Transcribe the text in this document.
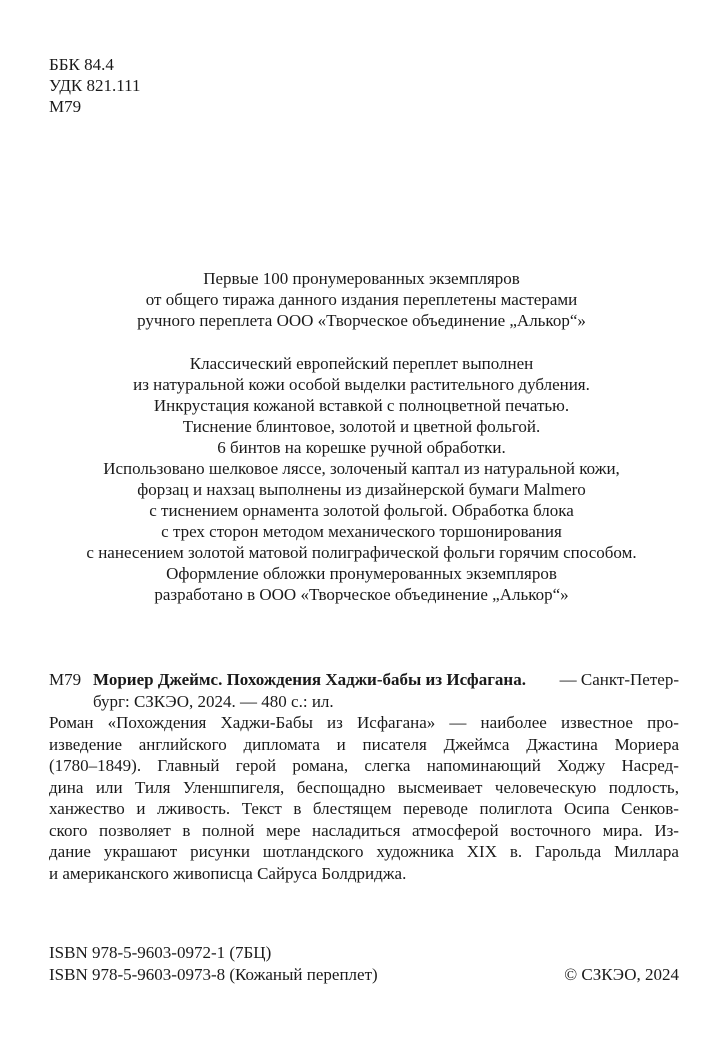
ББК 84.4
УДК 821.111
М79
Первые 100 пронумерованных экземпляров
от общего тиража данного издания переплетены мастерами
ручного переплета ООО «Творческое объединение „Алькор“»
Классический европейский переплет выполнен
из натуральной кожи особой выделки растительного дубления.
Инкрустация кожаной вставкой с полноцветной печатью.
Тиснение блинтовое, золотой и цветной фольгой.
6 бинтов на корешке ручной обработки.
Использовано шелковое ляссе, золоченый каптал из натуральной кожи,
форзац и нахзац выполнены из дизайнерской бумаги Malmero
с тиснением орнамента золотой фольгой. Обработка блока
с трех сторон методом механического торшонирования
с нанесением золотой матовой полиграфической фольги горячим способом.
Оформление обложки пронумерованных экземпляров
разработано в ООО «Творческое объединение „Алькор“»
М79 Мориер Джеймс. Похождения Хаджи-бабы из Исфагана. — Санкт-Петер-
бург: СЗКЭО, 2024. — 480 с.: ил.
Роман «Похождения Хаджи-Бабы из Исфагана» — наиболее известное про-
изведение английского дипломата и писателя Джеймса Джастина Мориера
(1780–1849). Главный герой романа, слегка напоминающий Ходжу Насред-
дина или Тиля Уленшпигеля, беспощадно высмеивает человеческую подлость,
ханжество и лживость. Текст в блестящем переводе полиглота Осипа Сенков-
ского позволяет в полной мере насладиться атмосферой восточного мира. Из-
дание украшают рисунки шотландского художника XIX в. Гарольда Миллара
и американского живописца Сайруса Болдриджа.
ISBN 978-5-9603-0972-1 (7БЦ)
ISBN 978-5-9603-0973-8 (Кожаный переплет)	© СЗКЭО, 2024
